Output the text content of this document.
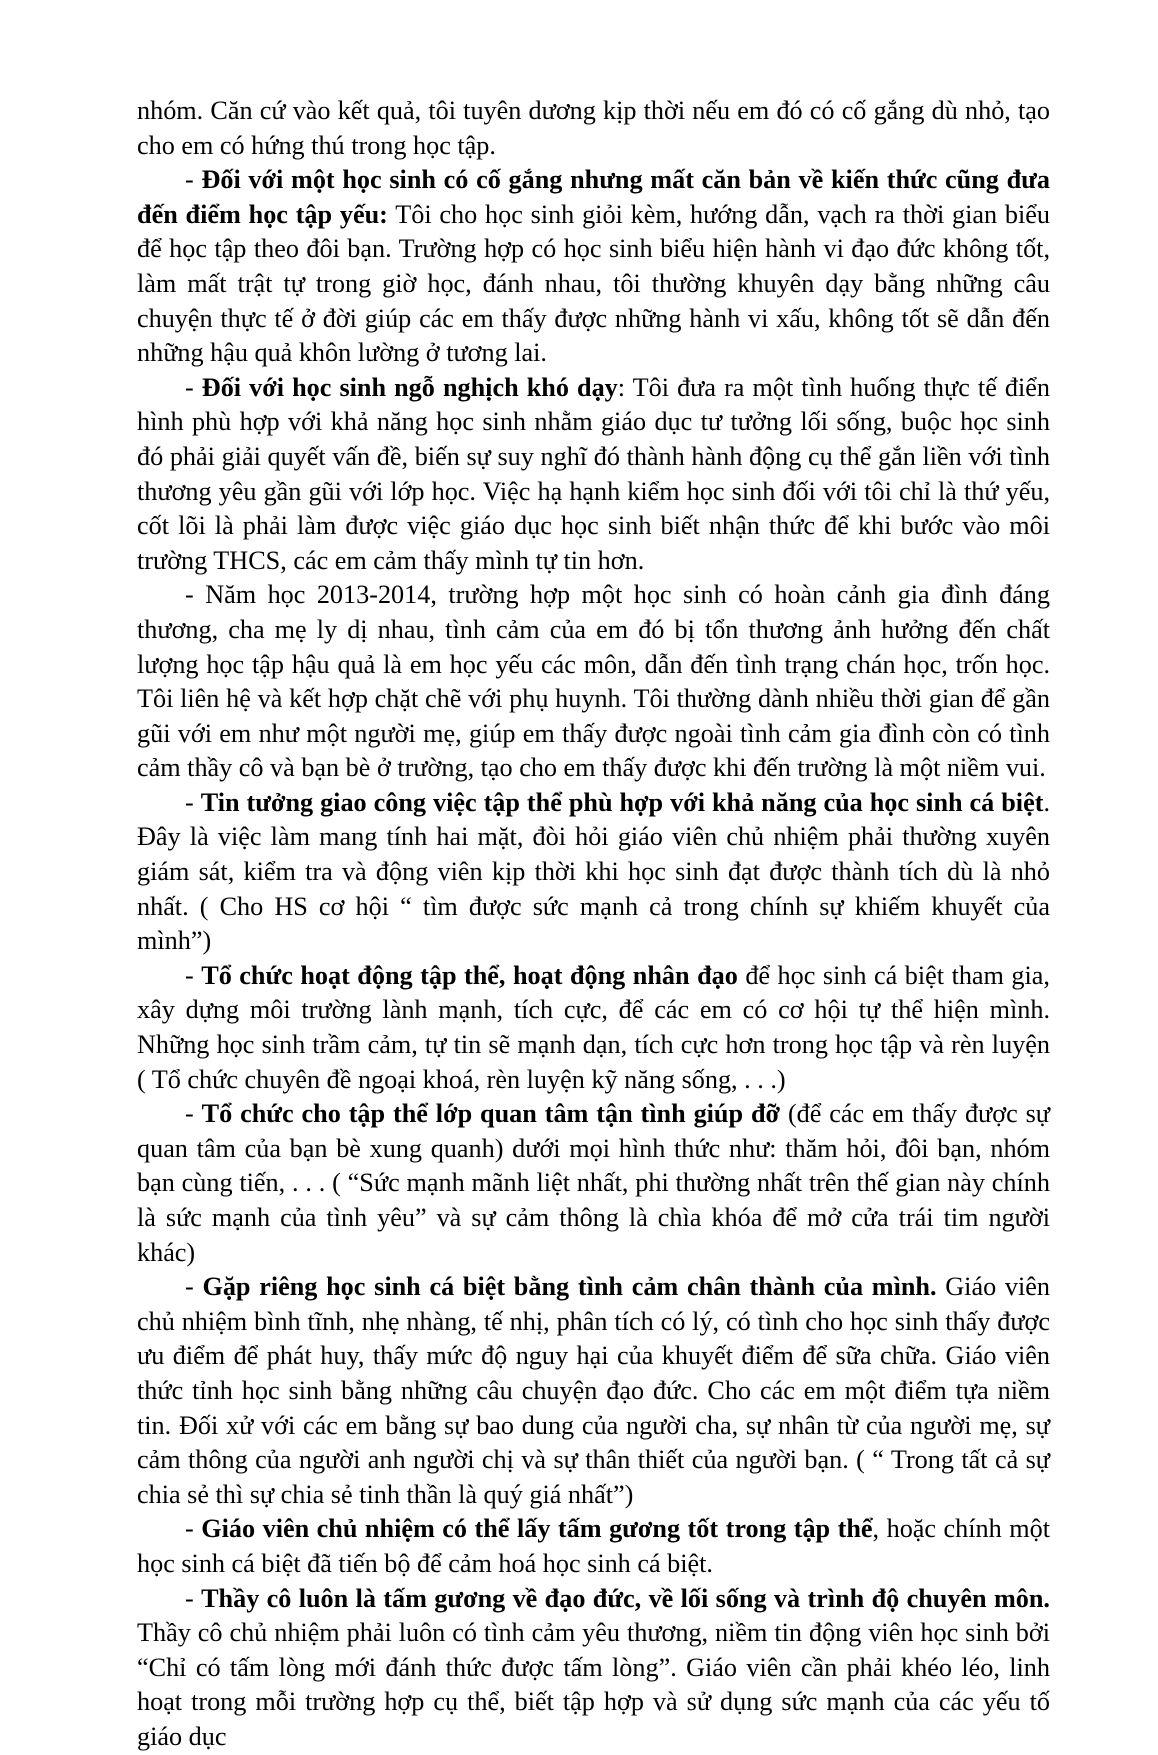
nhóm. Căn cứ vào kết quả, tôi tuyên dương kịp thời nếu em đó có cố gắng dù nhỏ, tạo cho em có hứng thú trong học tập.

- Đối với một học sinh có cố gắng nhưng mất căn bản về kiến thức cũng đưa đến điểm học tập yếu: Tôi cho học sinh giỏi kèm, hướng dẫn, vạch ra thời gian biểu để học tập theo đôi bạn. Trường hợp có học sinh biểu hiện hành vi đạo đức không tốt, làm mất trật tự trong giờ học, đánh nhau, tôi thường khuyên dạy bằng những câu chuyện thực tế ở đời giúp các em thấy được những hành vi xấu, không tốt sẽ dẫn đến những hậu quả khôn lường ở tương lai.

- Đối với học sinh ngỗ nghịch khó dạy: Tôi đưa ra một tình huống thực tế điển hình phù hợp với khả năng học sinh nhằm giáo dục tư tưởng lối sống, buộc học sinh đó phải giải quyết vấn đề, biến sự suy nghĩ đó thành hành động cụ thể gắn liền với tình thương yêu gần gũi với lớp học. Việc hạ hạnh kiểm học sinh đối với tôi chỉ là thứ yếu, cốt lõi là phải làm được việc giáo dục học sinh biết nhận thức để khi bước vào môi trường THCS, các em cảm thấy mình tự tin hơn.

- Năm học 2013-2014, trường hợp một học sinh có hoàn cảnh gia đình đáng thương, cha mẹ ly dị nhau, tình cảm của em đó bị tổn thương ảnh hưởng đến chất lượng học tập hậu quả là em học yếu các môn, dẫn đến tình trạng chán học, trốn học. Tôi liên hệ và kết hợp chặt chẽ với phụ huynh. Tôi thường dành nhiều thời gian để gần gũi với em như một người mẹ, giúp em thấy được ngoài tình cảm gia đình còn có tình cảm thầy cô và bạn bè ở trường, tạo cho em thấy được khi đến trường là một niềm vui.

- Tin tưởng giao công việc tập thể phù hợp với khả năng của học sinh cá biệt. Đây là việc làm mang tính hai mặt, đòi hỏi giáo viên chủ nhiệm phải thường xuyên giám sát, kiểm tra và động viên kịp thời khi học sinh đạt được thành tích dù là nhỏ nhất. ( Cho HS cơ hội “ tìm được sức mạnh cả trong chính sự khiếm khuyết của mình”)

- Tổ chức hoạt động tập thể, hoạt động nhân đạo để học sinh cá biệt tham gia, xây dựng môi trường lành mạnh, tích cực, để các em có cơ hội tự thể hiện mình. Những học sinh trầm cảm, tự tin sẽ mạnh dạn, tích cực hơn trong học tập và rèn luyện ( Tổ chức chuyên đề ngoại khoá, rèn luyện kỹ năng sống, . . .)

- Tổ chức cho tập thể lớp quan tâm tận tình giúp đỡ (để các em thấy được sự quan tâm của bạn bè xung quanh) dưới mọi hình thức như: thăm hỏi, đôi bạn, nhóm bạn cùng tiến, . . . ( “Sức mạnh mãnh liệt nhất, phi thường nhất trên thế gian này chính là sức mạnh của tình yêu” và sự cảm thông là chìa khóa để mở cửa trái tim người khác)

- Gặp riêng học sinh cá biệt bằng tình cảm chân thành của mình. Giáo viên chủ nhiệm bình tĩnh, nhẹ nhàng, tế nhị, phân tích có lý, có tình cho học sinh thấy được ưu điểm để phát huy, thấy mức độ nguy hại của khuyết điểm để sữa chữa. Giáo viên thức tỉnh học sinh bằng những câu chuyện đạo đức. Cho các em một điểm tựa niềm tin. Đối xử với các em bằng sự bao dung của người cha, sự nhân từ của người mẹ, sự cảm thông của người anh người chị và sự thân thiết của người bạn. ( “ Trong tất cả sự chia sẻ thì sự chia sẻ tinh thần là quý giá nhất”)

- Giáo viên chủ nhiệm có thể lấy tấm gương tốt trong tập thể, hoặc chính một học sinh cá biệt đã tiến bộ để cảm hoá học sinh cá biệt.

- Thầy cô luôn là tấm gương về đạo đức, về lối sống và trình độ chuyên môn. Thầy cô chủ nhiệm phải luôn có tình cảm yêu thương, niềm tin động viên học sinh bởi “Chỉ có tấm lòng mới đánh thức được tấm lòng”. Giáo viên cần phải khéo léo, linh hoạt trong mỗi trường hợp cụ thể, biết tập hợp và sử dụng sức mạnh của các yếu tố giáo dục
